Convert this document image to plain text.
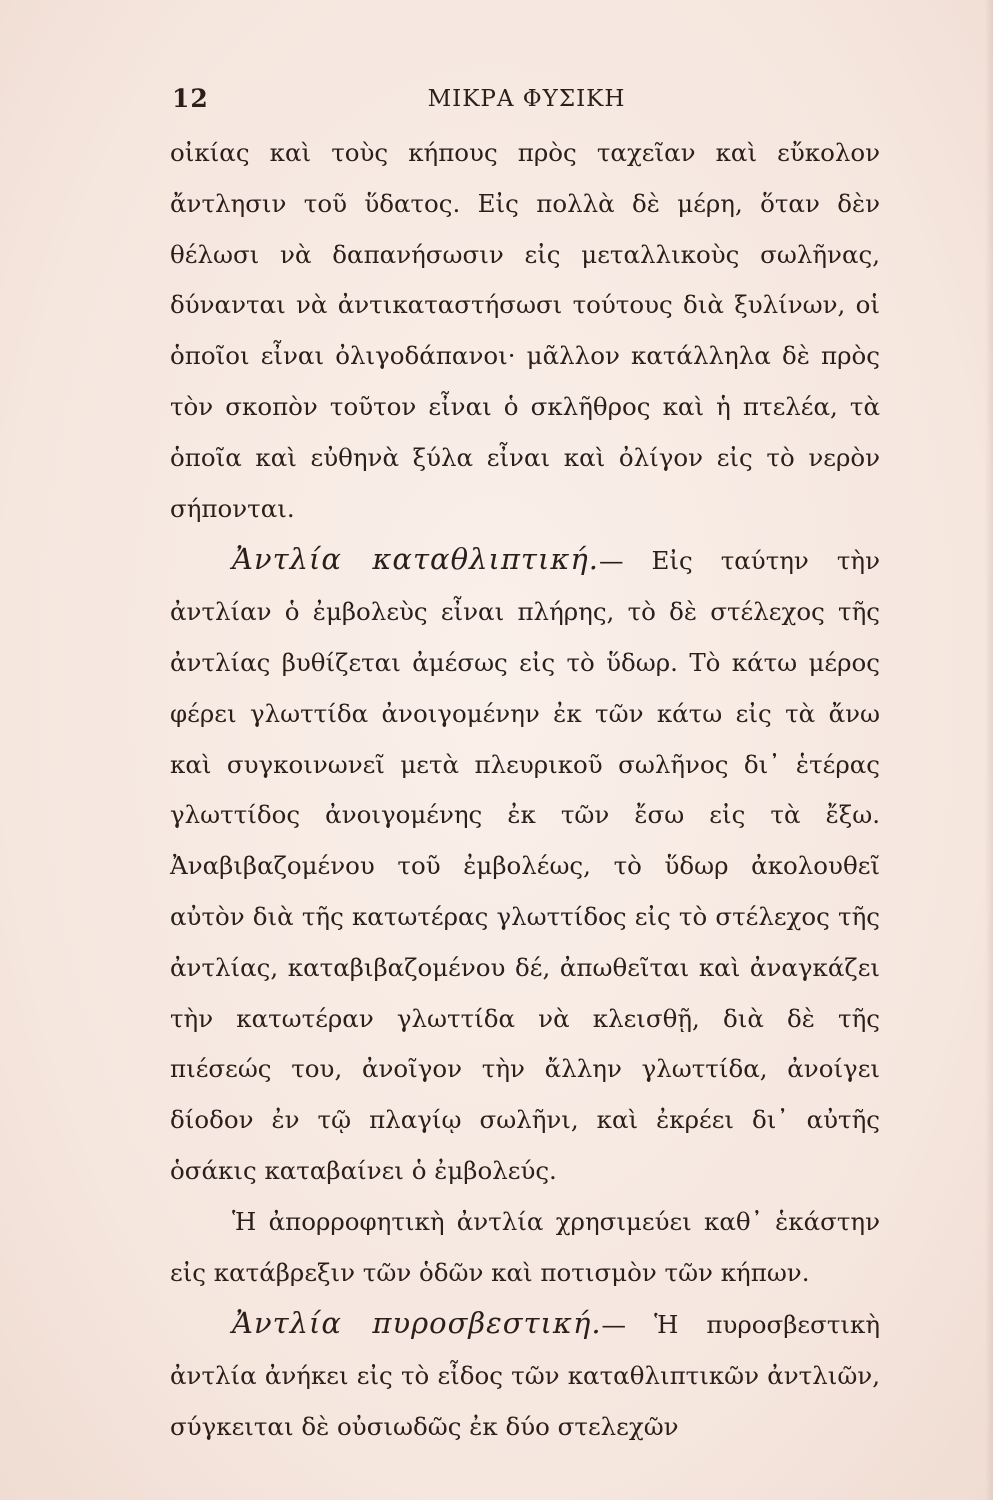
12	ΜΙΚΡΑ ΦΥΣΙΚΗ

οἰκίας καὶ τοὺς κήπους πρὸς ταχεῖαν καὶ εὔκολον ἄντλησιν τοῦ ὕδατος. Εἰς πολλὰ δὲ μέρη, ὅταν δὲν θέλωσι νὰ δαπανήσωσιν εἰς μεταλλικοὺς σωλῆνας, δύνανται νὰ ἀντικαταστήσωσι τούτους διὰ ξυλίνων, οἱ ὁποῖοι εἶναι ὀλιγοδάπανοι· μᾶλλον κατάλληλα δὲ πρὸς τὸν σκοπὸν τοῦτον εἶναι ὁ σκλῆθρος καὶ ἡ πτελέα, τὰ ὁποῖα καὶ εὐθηνὰ ξύλα εἶναι καὶ ὀλίγον εἰς τὸ νερὸν σήπονται.

Ἀντλία καταθλιπτική.— Εἰς ταύτην τὴν ἀντλίαν ὁ ἐμβολεὺς εἶναι πλήρης, τὸ δὲ στέλεχος τῆς ἀντλίας βυθίζεται ἀμέσως εἰς τὸ ὕδωρ. Τὸ κάτω μέρος φέρει γλωττίδα ἀνοιγομένην ἐκ τῶν κάτω εἰς τὰ ἄνω καὶ συγκοινωνεῖ μετὰ πλευρικοῦ σωλῆνος δι᾽ ἑτέρας γλωττίδος ἀνοιγομένης ἐκ τῶν ἔσω εἰς τὰ ἔξω. Ἀναβιβαζομένου τοῦ ἐμβολέως, τὸ ὕδωρ ἀκολουθεῖ αὐτὸν διὰ τῆς κατωτέρας γλωττίδος εἰς τὸ στέλεχος τῆς ἀντλίας, καταβιβαζομένου δέ, ἀπωθεῖται καὶ ἀναγκάζει τὴν κατωτέραν γλωττίδα νὰ κλεισθῇ, διὰ δὲ τῆς πιέσεώς του, ἀνοῖγον τὴν ἄλλην γλωττίδα, ἀνοίγει δίοδον ἐν τῷ πλαγίῳ σωλῆνι, καὶ ἐκρέει δι᾽ αὐτῆς ὁσάκις καταβαίνει ὁ ἐμβολεύς.

Ἡ ἀπορροφητικὴ ἀντλία χρησιμεύει καθ᾽ ἑκάστην εἰς κατάβρεξιν τῶν ὁδῶν καὶ ποτισμὸν τῶν κήπων.

Ἀντλία πυροσβεστική.— Ἡ πυροσβεστικὴ ἀντλία ἀνήκει εἰς τὸ εἶδος τῶν καταθλιπτικῶν ἀντλιῶν, σύγκειται δὲ οὐσιωδῶς ἐκ δύο στελεχῶν
